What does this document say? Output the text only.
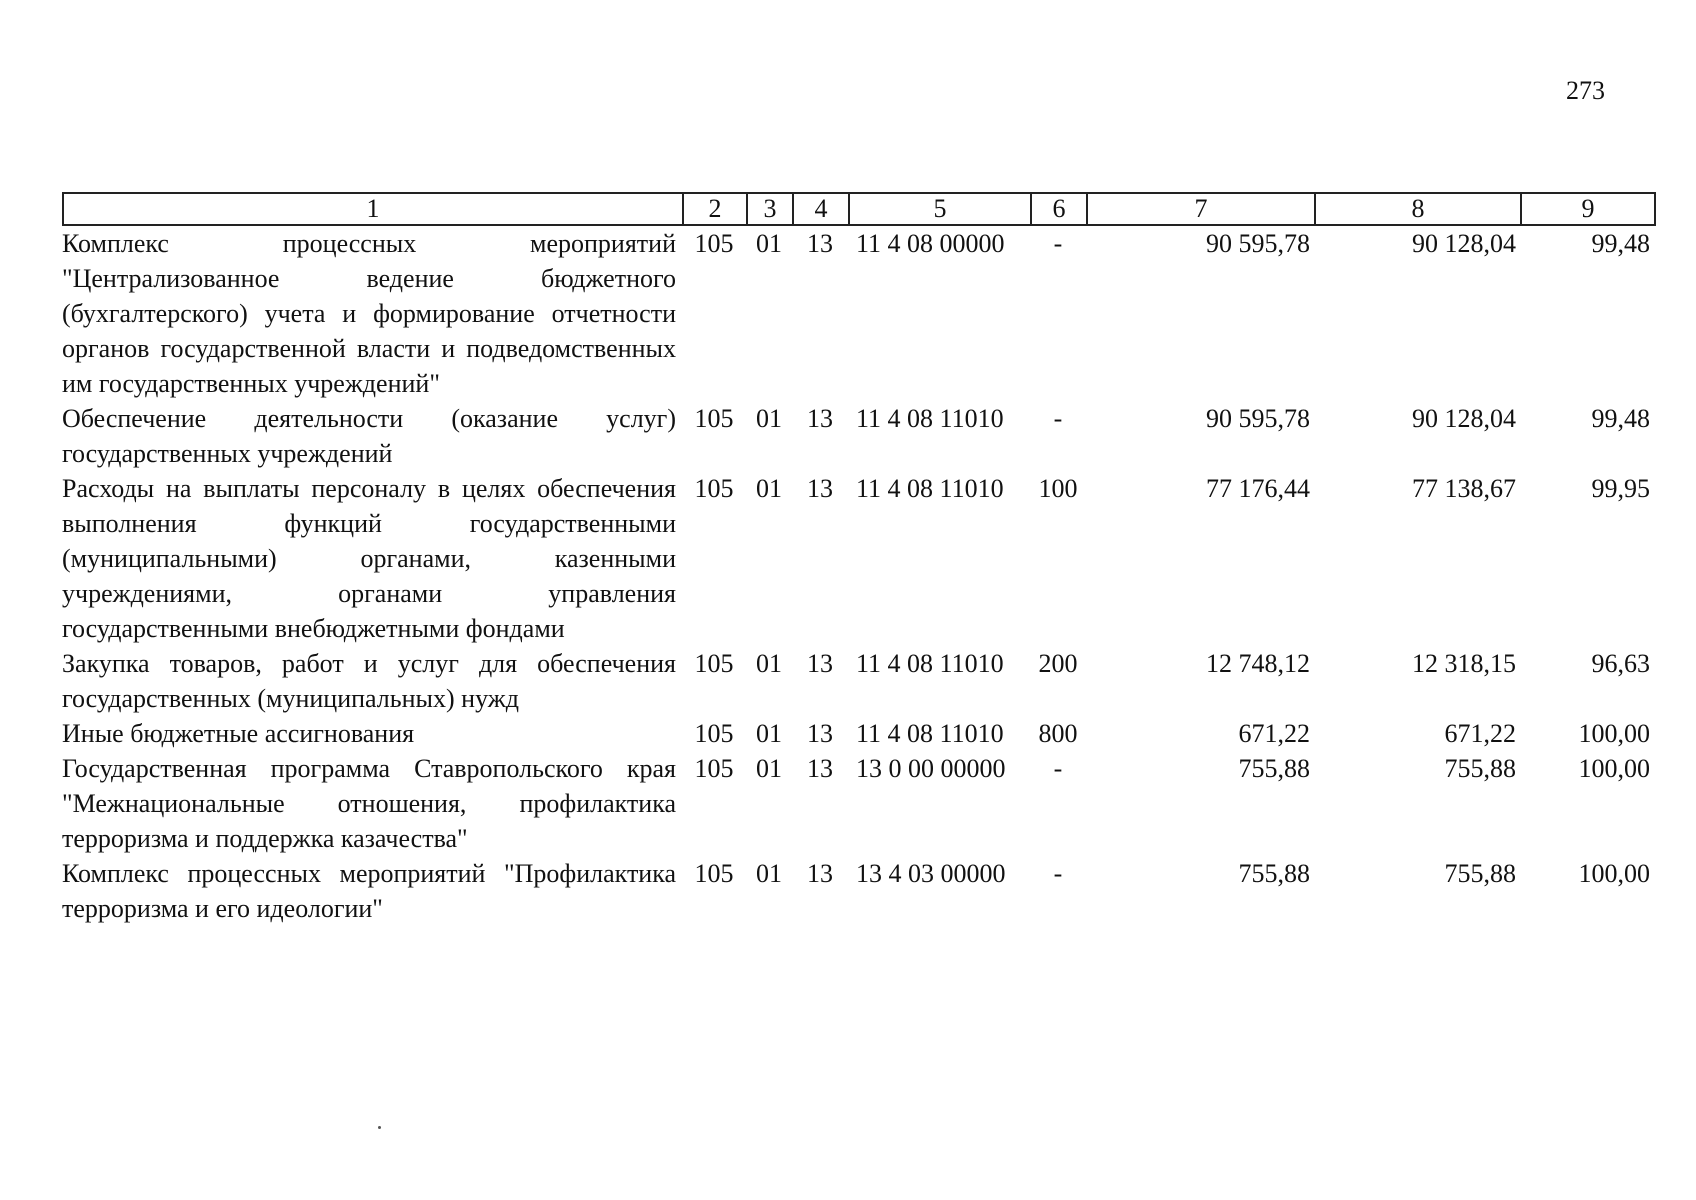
273
1	2	3	4	5	6	7	8	9
Комплекс процессных мероприятий "Централизованное ведение бюджетного (бухгалтерского) учета и формирование отчетности органов государственной власти и подведомственных им государственных учреждений"	105	01	13	11 4 08 00000	-	90 595,78	90 128,04	99,48
Обеспечение деятельности (оказание услуг) государственных учреждений	105	01	13	11 4 08 11010	-	90 595,78	90 128,04	99,48
Расходы на выплаты персоналу в целях обеспечения выполнения функций государственными (муниципальными) органами, казенными учреждениями, органами управления государственными внебюджетными фондами	105	01	13	11 4 08 11010	100	77 176,44	77 138,67	99,95
Закупка товаров, работ и услуг для обеспечения государственных (муниципальных) нужд	105	01	13	11 4 08 11010	200	12 748,12	12 318,15	96,63
Иные бюджетные ассигнования	105	01	13	11 4 08 11010	800	671,22	671,22	100,00
Государственная программа Ставропольского края "Межнациональные отношения, профилактика терроризма и поддержка казачества"	105	01	13	13 0 00 00000	-	755,88	755,88	100,00
Комплекс процессных мероприятий "Профилактика терроризма и его идеологии"	105	01	13	13 4 03 00000	-	755,88	755,88	100,00
